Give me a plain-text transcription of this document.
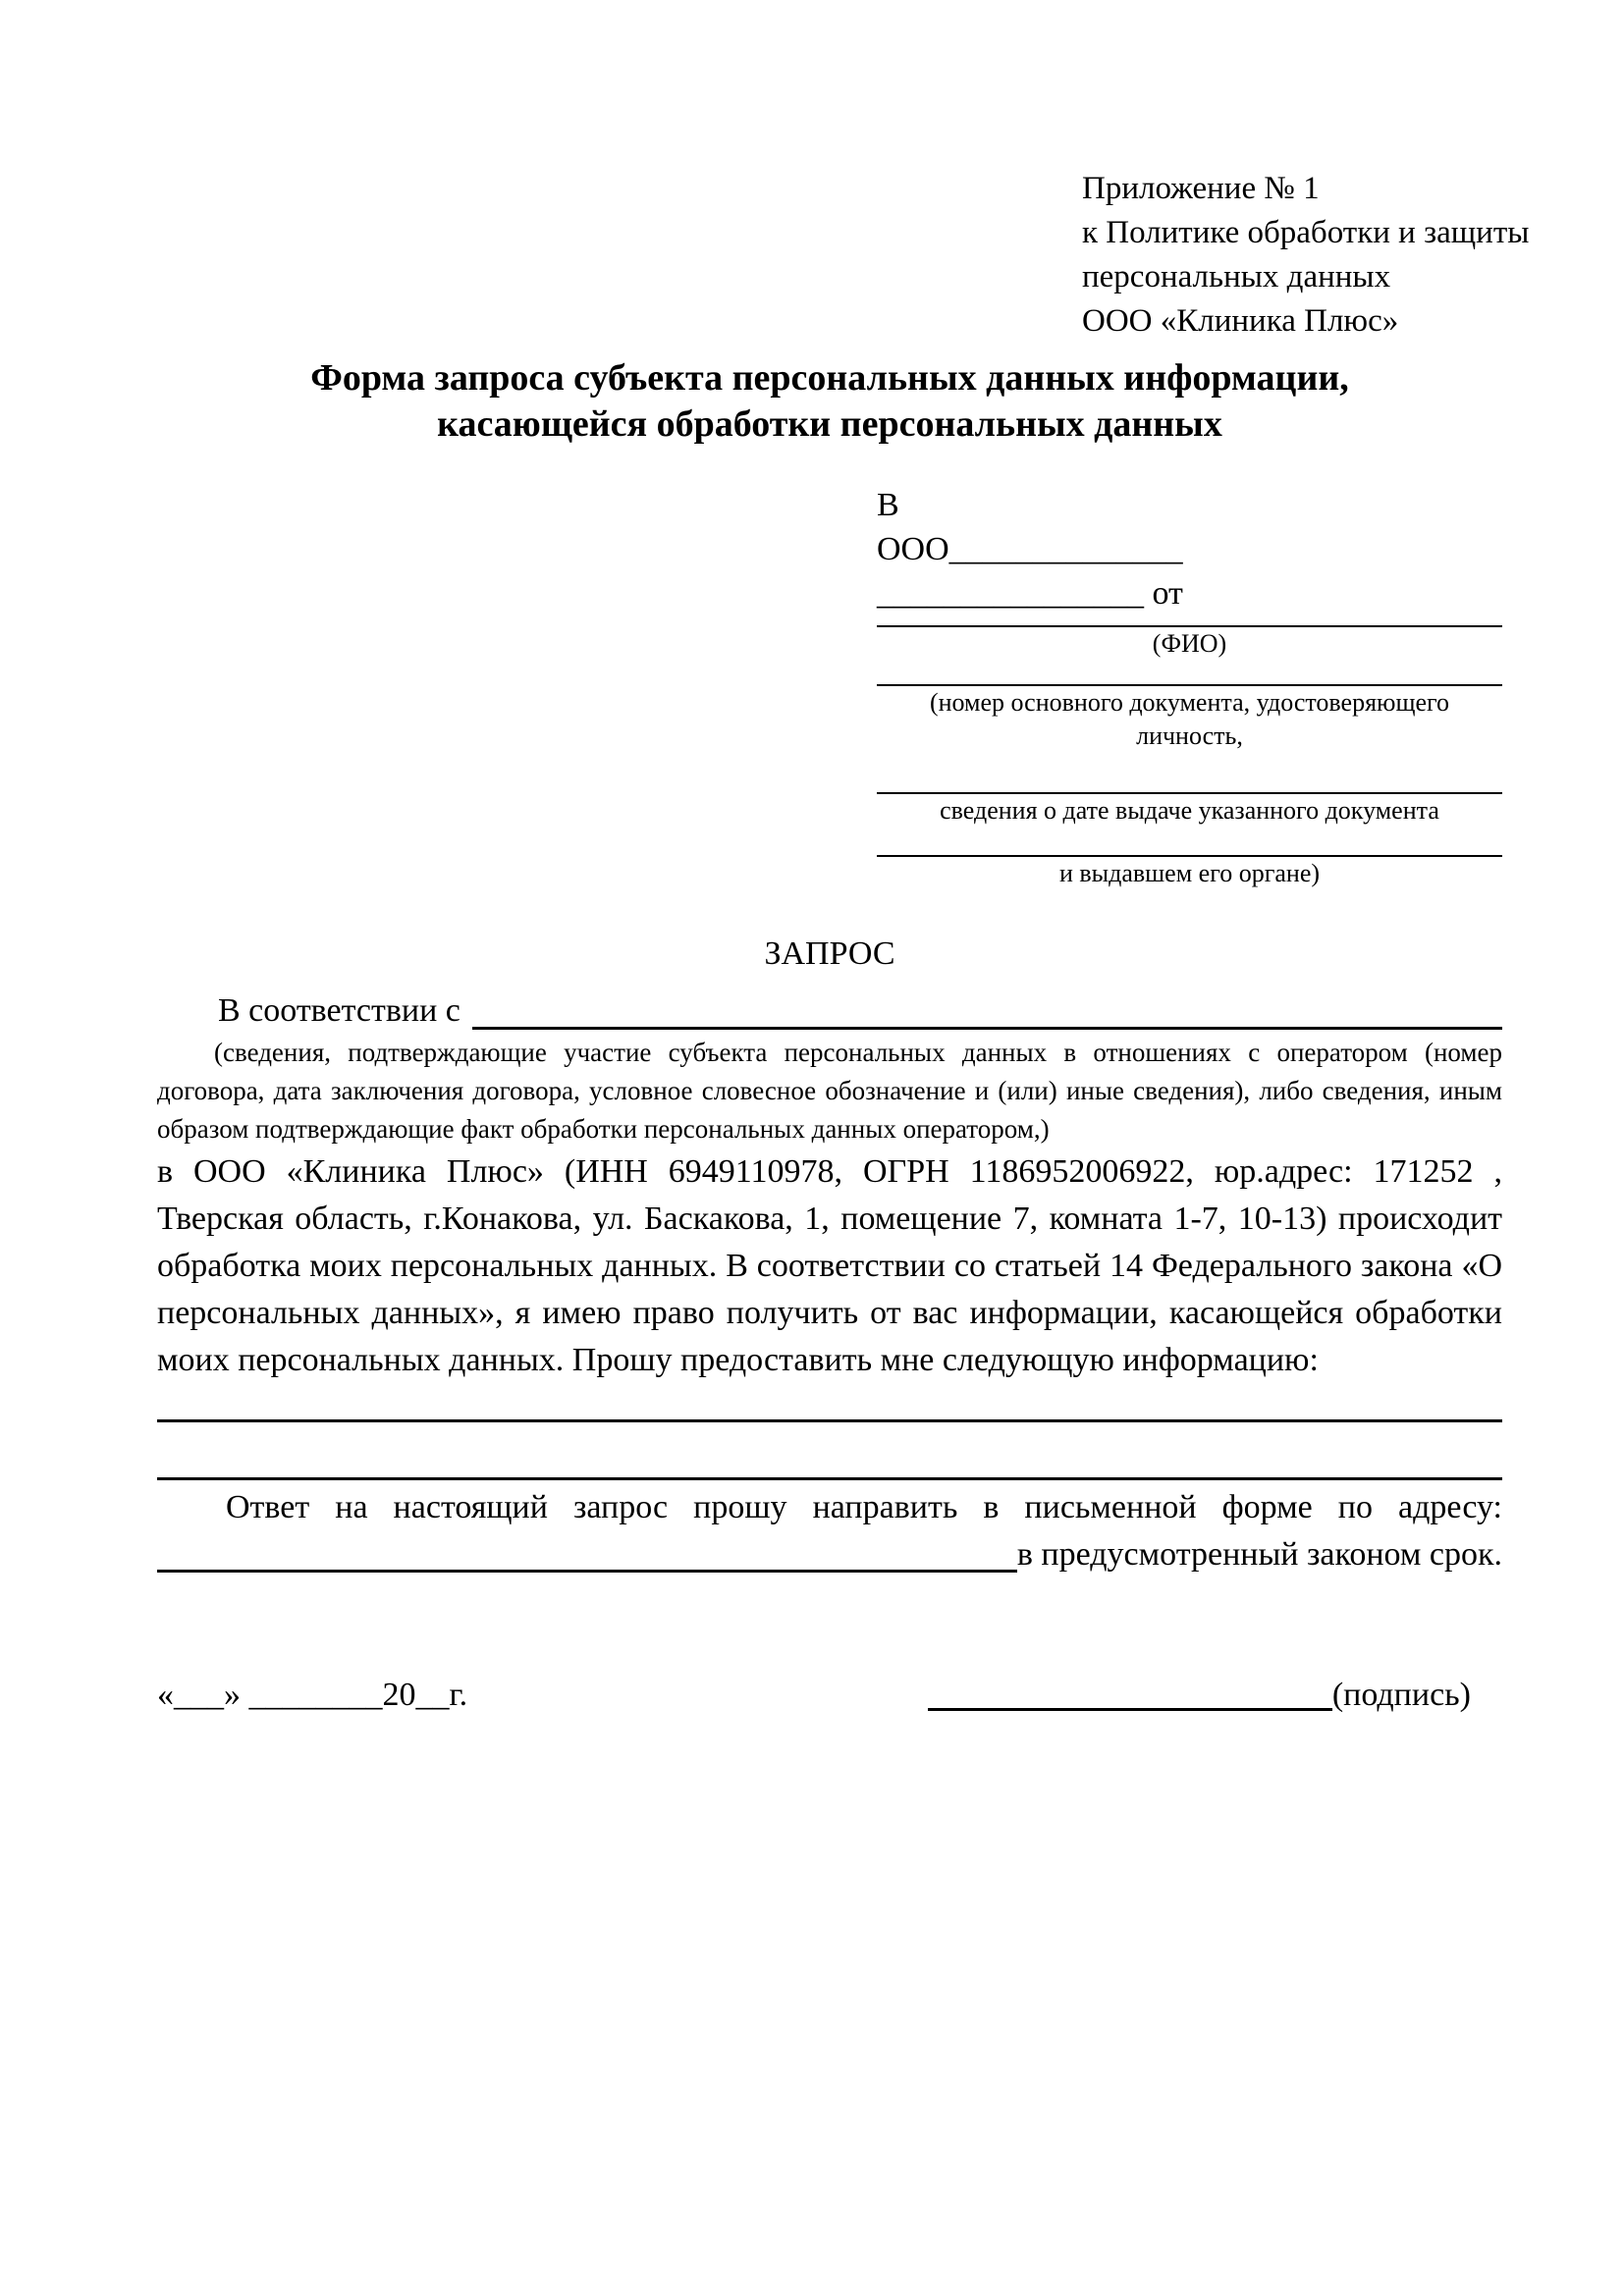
Приложение № 1
к Политике обработки и защиты
персональных данных
ООО «Клиника Плюс»
Форма запроса субъекта персональных данных информации, касающейся обработки персональных данных
В
ООО______________
________________ от
(ФИО)
(номер основного документа, удостоверяющего личность,
сведения о дате выдаче указанного документа
и выдавшем его органе)
ЗАПРОС
В соответствии с
(сведения, подтверждающие участие субъекта персональных данных в отношениях с оператором (номер договора, дата заключения договора, условное словесное обозначение и (или) иные сведения), либо сведения, иным образом подтверждающие факт обработки персональных данных оператором,)
в ООО «Клиника Плюс» (ИНН 6949110978, ОГРН 1186952006922, юр.адрес: 171252 , Тверская область, г.Конакова, ул. Баскакова, 1, помещение 7, комната 1-7, 10-13) происходит обработка моих персональных данных. В соответствии со статьей 14 Федерального закона «О персональных данных», я имею право получить от вас информации, касающейся обработки моих персональных данных. Прошу предоставить мне следующую информацию:
Ответ на настоящий запрос прошу направить в письменной форме по адресу:
в предусмотренный законом срок.
«___» ________20__г.	(подпись)
